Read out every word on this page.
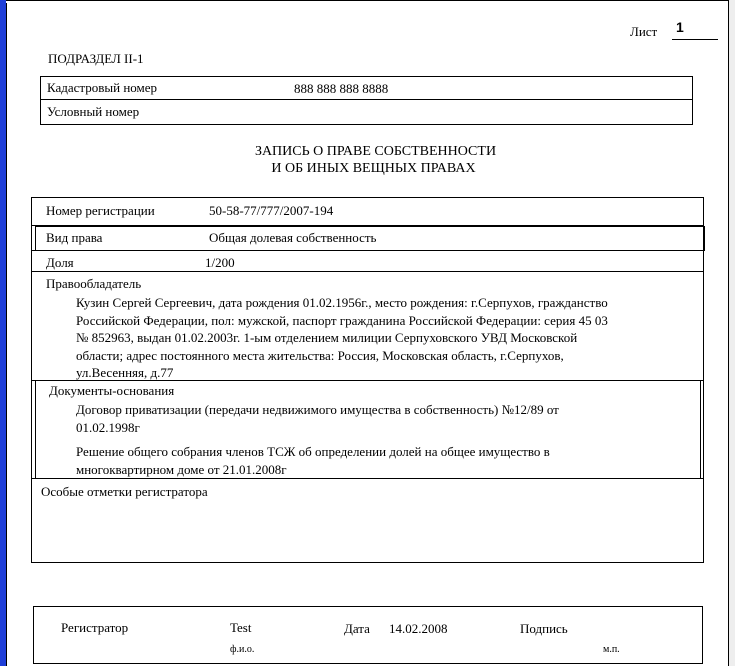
Лист 1
ПОДРАЗДЕЛ II-1
Кадастровый номер	888 888 888 8888
Условный номер
ЗАПИСЬ О ПРАВЕ СОБСТВЕННОСТИ
И ОБ ИНЫХ ВЕЩНЫХ ПРАВАХ
Номер регистрации	50-58-77/777/2007-194
Вид права	Общая долевая собственность
Доля	1/200
Правообладатель
Кузин Сергей Сергеевич, дата рождения 01.02.1956г., место рождения: г.Серпухов, гражданство
Российской Федерации, пол: мужской, паспорт гражданина Российской Федерации: серия 45 03
№ 852963, выдан 01.02.2003г. 1-ым отделением милиции Серпуховского УВД Московской
области; адрес постоянного места жительства: Россия, Московская область, г.Серпухов,
ул.Весенняя, д.77
Документы-основания
Договор приватизации (передачи недвижимого имущества в собственность) №12/89 от
01.02.1998г
Решение общего собрания членов ТСЖ об определении долей на общее имущество в
многоквартирном доме от 21.01.2008г
Особые отметки регистратора
Регистратор	Test
ф.и.о.
Дата 14.02.2008	Подпись
м.п.
